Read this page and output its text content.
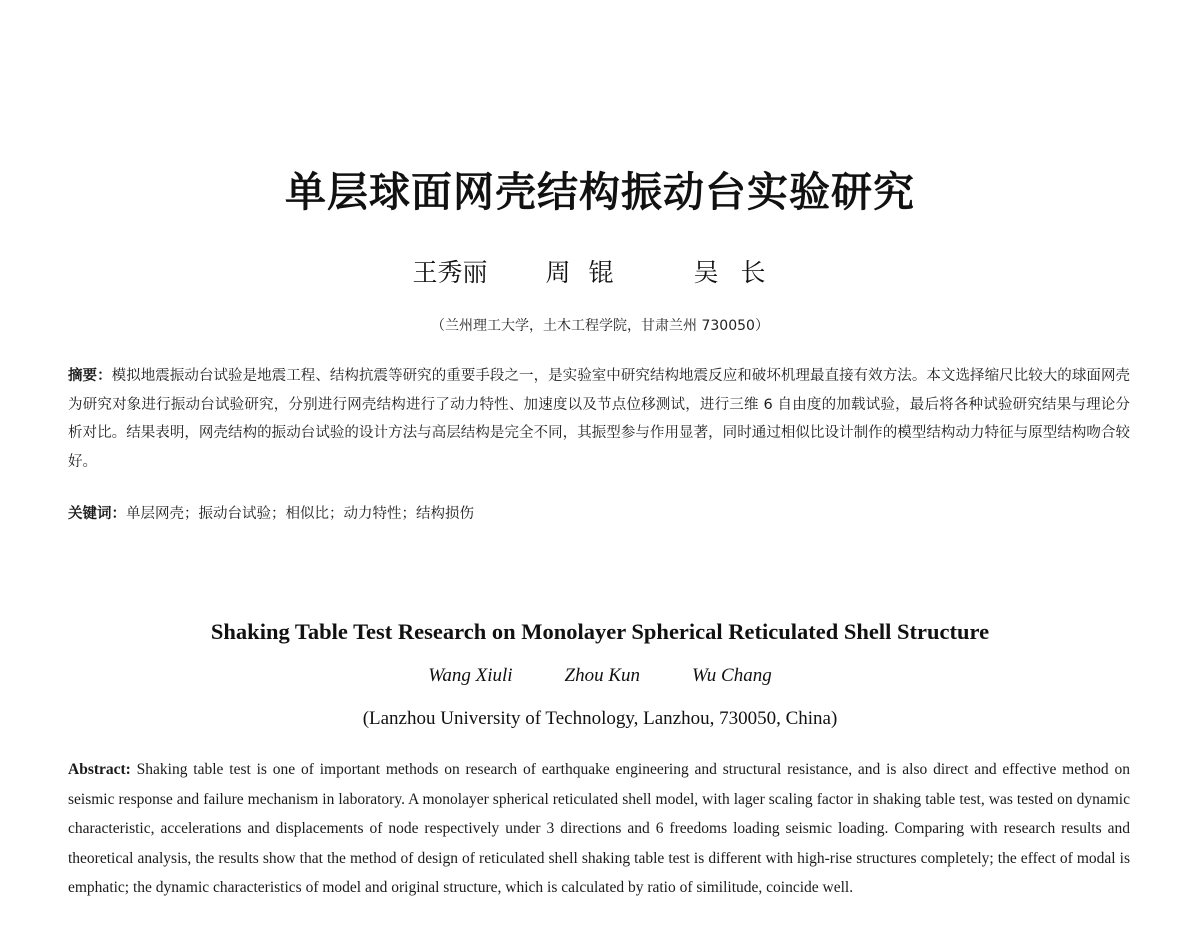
单层球面网壳结构振动台实验研究
王秀丽 周锟 吴长
（兰州理工大学，土木工程学院，甘肃兰州 730050）
摘要：模拟地震振动台试验是地震工程、结构抗震等研究的重要手段之一，是实验室中研究结构地震反应和破坏机理最直接有效方法。本文选择缩尺比较大的球面网壳为研究对象进行振动台试验研究，分别进行网壳结构进行了动力特性、加速度以及节点位移测试，进行三维 6 自由度的加载试验，最后将各种试验研究结果与理论分析对比。结果表明，网壳结构的振动台试验的设计方法与高层结构是完全不同，其振型参与作用显著，同时通过相似比设计制作的模型结构动力特征与原型结构吻合较好。
关键词：单层网壳；振动台试验；相似比；动力特性；结构损伤
Shaking Table Test Research on Monolayer Spherical Reticulated Shell Structure
Wang Xiuli	Zhou Kun	Wu Chang
(Lanzhou University of Technology, Lanzhou, 730050, China)
Abstract: Shaking table test is one of important methods on research of earthquake engineering and structural resistance, and is also direct and effective method on seismic response and failure mechanism in laboratory. A monolayer spherical reticulated shell model, with lager scaling factor in shaking table test, was tested on dynamic characteristic, accelerations and displacements of node respectively under 3 directions and 6 freedoms loading seismic loading. Comparing with research results and theoretical analysis, the results show that the method of design of reticulated shell shaking table test is different with high-rise structures completely; the effect of modal is emphatic; the dynamic characteristics of model and original structure, which is calculated by ratio of similitude, coincide well.
